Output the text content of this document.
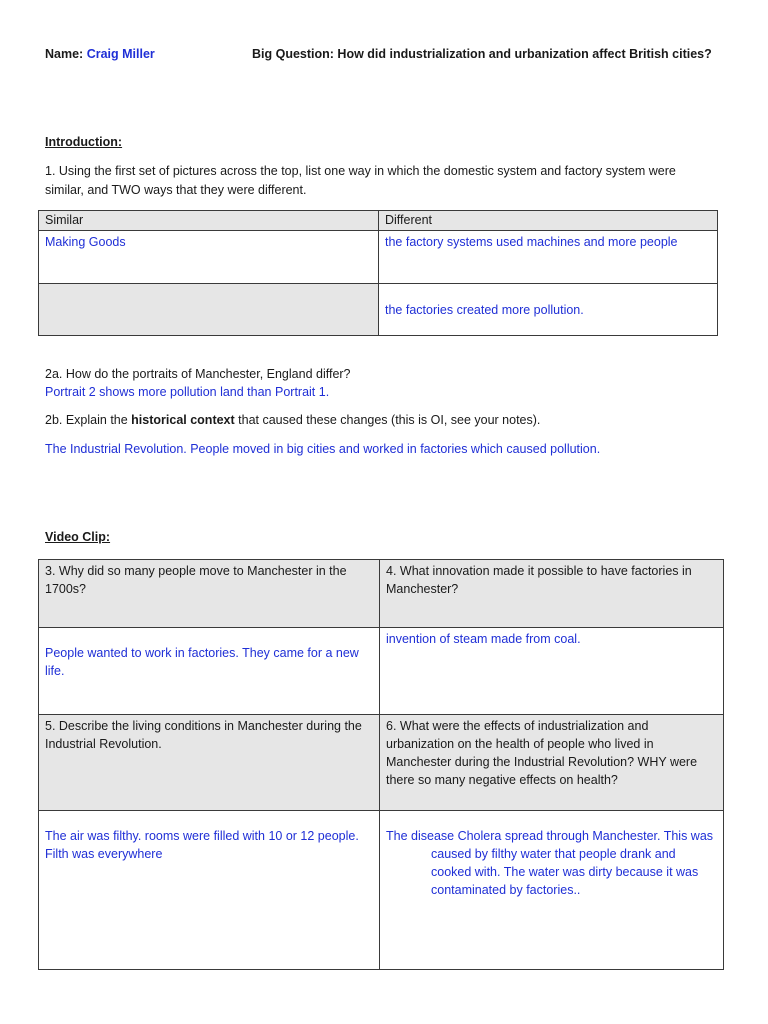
Name: Craig Miller	Big Question: How did industrialization and urbanization affect British cities?
Introduction:
1. Using the first set of pictures across the top, list one way in which the domestic system and factory system were similar, and TWO ways that they were different.
Similar	Different
Making Goods	the factory systems used machines and more people
	the factories created more pollution.
2a. How do the portraits of Manchester, England differ?
Portrait 2 shows more pollution land than Portrait 1.
2b. Explain the historical context that caused these changes (this is OI, see your notes).
The Industrial Revolution. People moved in big cities and worked in factories which caused pollution.
Video Clip:
3. Why did so many people move to Manchester in the 1700s?	4. What innovation made it possible to have factories in Manchester?
People wanted to work in factories. They came for a new life.	invention of steam made from coal.
5. Describe the living conditions in Manchester during the Industrial Revolution.	6. What were the effects of industrialization and urbanization on the health of people who lived in Manchester during the Industrial Revolution? WHY were there so many negative effects on health?
The air was filthy. rooms were filled with 10 or 12 people. Filth was everywhere	The disease Cholera spread through Manchester. This was
caused by filthy water that people drank and cooked with. The water was dirty because it was contaminated by factories..
